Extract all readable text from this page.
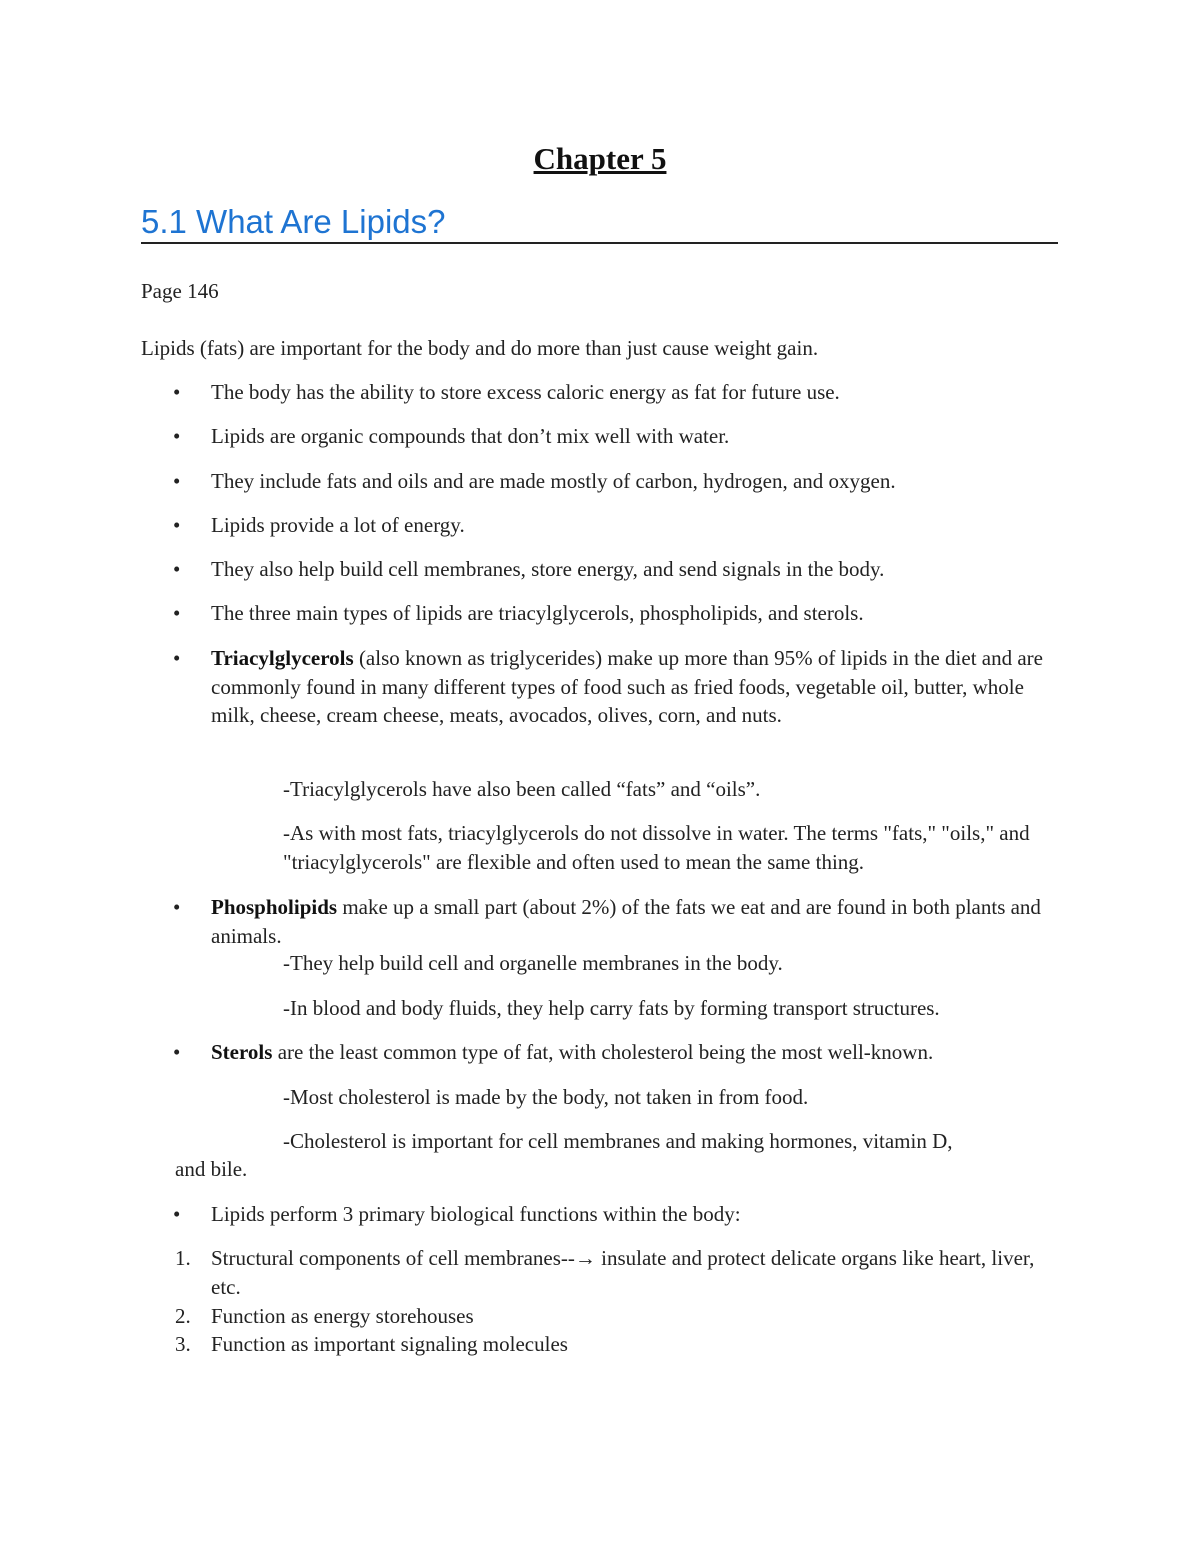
Chapter 5
5.1 What Are Lipids?
Page 146
Lipids (fats) are important for the body and do more than just cause weight gain.
• The body has the ability to store excess caloric energy as fat for future use.
• Lipids are organic compounds that don’t mix well with water.
• They include fats and oils and are made mostly of carbon, hydrogen, and oxygen.
• Lipids provide a lot of energy.
• They also help build cell membranes, store energy, and send signals in the body.
• The three main types of lipids are triacylglycerols, phospholipids, and sterols.
• Triacylglycerols (also known as triglycerides) make up more than 95% of lipids in the diet and are commonly found in many different types of food such as fried foods, vegetable oil, butter, whole milk, cheese, cream cheese, meats, avocados, olives, corn, and nuts.
-Triacylglycerols have also been called “fats” and “oils”.
-As with most fats, triacylglycerols do not dissolve in water. The terms "fats," "oils," and "triacylglycerols" are flexible and often used to mean the same thing.
• Phospholipids make up a small part (about 2%) of the fats we eat and are found in both plants and animals.
-They help build cell and organelle membranes in the body.
-In blood and body fluids, they help carry fats by forming transport structures.
• Sterols are the least common type of fat, with cholesterol being the most well-known.
-Most cholesterol is made by the body, not taken in from food.
-Cholesterol is important for cell membranes and making hormones, vitamin D,
and bile.
• Lipids perform 3 primary biological functions within the body:
1. Structural components of cell membranes--→ insulate and protect delicate organs like heart, liver, etc.
2. Function as energy storehouses
3. Function as important signaling molecules
